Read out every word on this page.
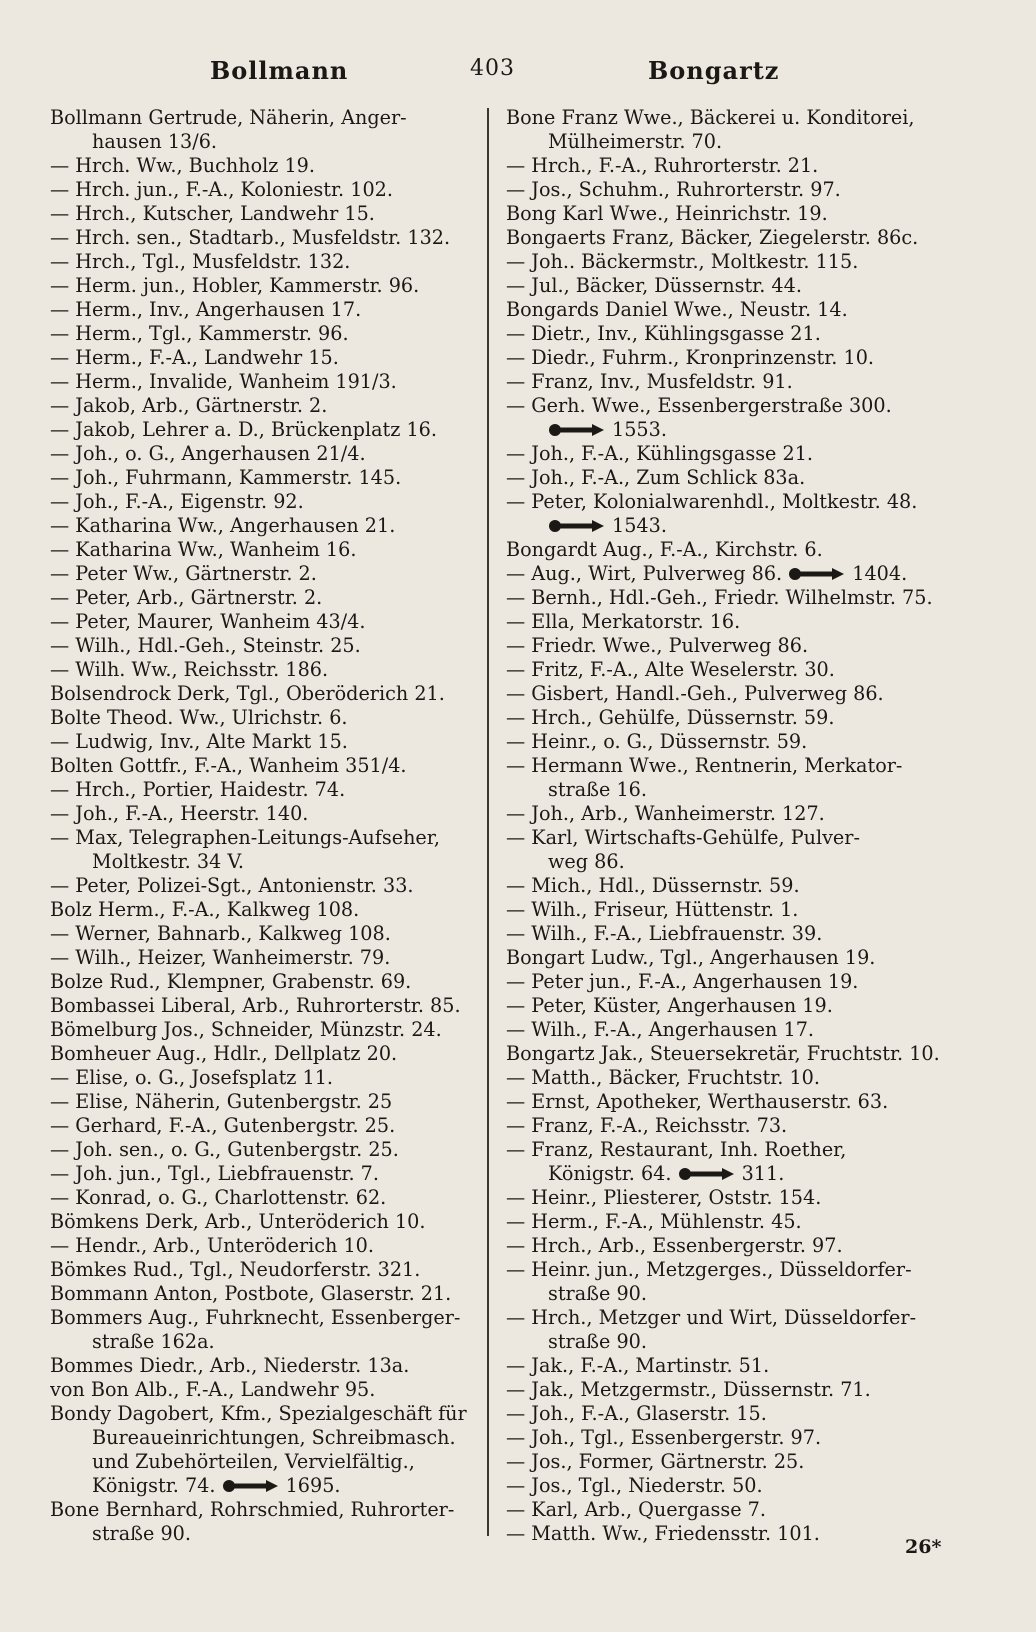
Bollmann	403	Bongartz
Bollmann Gertrude, Näherin, Anger-
hausen 13/6.
— Hrch. Ww., Buchholz 19.
— Hrch. jun., F.-A., Koloniestr. 102.
— Hrch., Kutscher, Landwehr 15.
— Hrch. sen., Stadtarb., Musfeldstr. 132.
— Hrch., Tgl., Musfeldstr. 132.
— Herm. jun., Hobler, Kammerstr. 96.
— Herm., Inv., Angerhausen 17.
— Herm., Tgl., Kammerstr. 96.
— Herm., F.-A., Landwehr 15.
— Herm., Invalide, Wanheim 191/3.
— Jakob, Arb., Gärtnerstr. 2.
— Jakob, Lehrer a. D., Brückenplatz 16.
— Joh., o. G., Angerhausen 21/4.
— Joh., Fuhrmann, Kammerstr. 145.
— Joh., F.-A., Eigenstr. 92.
— Katharina Ww., Angerhausen 21.
— Katharina Ww., Wanheim 16.
— Peter Ww., Gärtnerstr. 2.
— Peter, Arb., Gärtnerstr. 2.
— Peter, Maurer, Wanheim 43/4.
— Wilh., Hdl.-Geh., Steinstr. 25.
— Wilh. Ww., Reichsstr. 186.
Bolsendrock Derk, Tgl., Oberöderich 21.
Bolte Theod. Ww., Ulrichstr. 6.
— Ludwig, Inv., Alte Markt 15.
Bolten Gottfr., F.-A., Wanheim 351/4.
— Hrch., Portier, Haidestr. 74.
— Joh., F.-A., Heerstr. 140.
— Max, Telegraphen-Leitungs-Aufseher,
Moltkestr. 34 V.
— Peter, Polizei-Sgt., Antonienstr. 33.
Bolz Herm., F.-A., Kalkweg 108.
— Werner, Bahnarb., Kalkweg 108.
— Wilh., Heizer, Wanheimerstr. 79.
Bolze Rud., Klempner, Grabenstr. 69.
Bombassei Liberal, Arb., Ruhrorterstr. 85.
Bömelburg Jos., Schneider, Münzstr. 24.
Bomheuer Aug., Hdlr., Dellplatz 20.
— Elise, o. G., Josefsplatz 11.
— Elise, Näherin, Gutenbergstr. 25
— Gerhard, F.-A., Gutenbergstr. 25.
— Joh. sen., o. G., Gutenbergstr. 25.
— Joh. jun., Tgl., Liebfrauenstr. 7.
— Konrad, o. G., Charlottenstr. 62.
Bömkens Derk, Arb., Unteröderich 10.
— Hendr., Arb., Unteröderich 10.
Bömkes Rud., Tgl., Neudorferstr. 321.
Bommann Anton, Postbote, Glaserstr. 21.
Bommers Aug., Fuhrknecht, Essenberger-
straße 162a.
Bommes Diedr., Arb., Niederstr. 13a.
von Bon Alb., F.-A., Landwehr 95.
Bondy Dagobert, Kfm., Spezialgeschäft für
Bureaueinrichtungen, Schreibmasch.
und Zubehörteilen, Vervielfältig.,
Königstr. 74.	1695.
Bone Bernhard, Rohrschmied, Ruhrorter-
straße 90.
Bone Franz Wwe., Bäckerei u. Konditorei,
Mülheimerstr. 70.
— Hrch., F.-A., Ruhrorterstr. 21.
— Jos., Schuhm., Ruhrorterstr. 97.
Bong Karl Wwe., Heinrichstr. 19.
Bongaerts Franz, Bäcker, Ziegelerstr. 86c.
— Joh.. Bäckermstr., Moltkestr. 115.
— Jul., Bäcker, Düssernstr. 44.
Bongards Daniel Wwe., Neustr. 14.
— Dietr., Inv., Kühlingsgasse 21.
— Diedr., Fuhrm., Kronprinzenstr. 10.
— Franz, Inv., Musfeldstr. 91.
— Gerh. Wwe., Essenbergerstraße 300.
1553.
— Joh., F.-A., Kühlingsgasse 21.
— Joh., F.-A., Zum Schlick 83a.
— Peter, Kolonialwarenhdl., Moltkestr. 48.
1543.
Bongardt Aug., F.-A., Kirchstr. 6.
— Aug., Wirt, Pulverweg 86.	1404.
— Bernh., Hdl.-Geh., Friedr. Wilhelmstr. 75.
— Ella, Merkatorstr. 16.
— Friedr. Wwe., Pulverweg 86.
— Fritz, F.-A., Alte Weselerstr. 30.
— Gisbert, Handl.-Geh., Pulverweg 86.
— Hrch., Gehülfe, Düssernstr. 59.
— Heinr., o. G., Düssernstr. 59.
— Hermann Wwe., Rentnerin, Merkator-
straße 16.
— Joh., Arb., Wanheimerstr. 127.
— Karl, Wirtschafts-Gehülfe, Pulver-
weg 86.
— Mich., Hdl., Düssernstr. 59.
— Wilh., Friseur, Hüttenstr. 1.
— Wilh., F.-A., Liebfrauenstr. 39.
Bongart Ludw., Tgl., Angerhausen 19.
— Peter jun., F.-A., Angerhausen 19.
— Peter, Küster, Angerhausen 19.
— Wilh., F.-A., Angerhausen 17.
Bongartz Jak., Steuersekretär, Fruchtstr. 10.
— Matth., Bäcker, Fruchtstr. 10.
— Ernst, Apotheker, Werthauserstr. 63.
— Franz, F.-A., Reichsstr. 73.
— Franz, Restaurant, Inh. Roether,
Königstr. 64.	311.
— Heinr., Pliesterer, Oststr. 154.
— Herm., F.-A., Mühlenstr. 45.
— Hrch., Arb., Essenbergerstr. 97.
— Heinr. jun., Metzgerges., Düsseldorfer-
straße 90.
— Hrch., Metzger und Wirt, Düsseldorfer-
straße 90.
— Jak., F.-A., Martinstr. 51.
— Jak., Metzgermstr., Düssernstr. 71.
— Joh., F.-A., Glaserstr. 15.
— Joh., Tgl., Essenbergerstr. 97.
— Jos., Former, Gärtnerstr. 25.
— Jos., Tgl., Niederstr. 50.
— Karl, Arb., Quergasse 7.
— Matth. Ww., Friedensstr. 101.
26*
